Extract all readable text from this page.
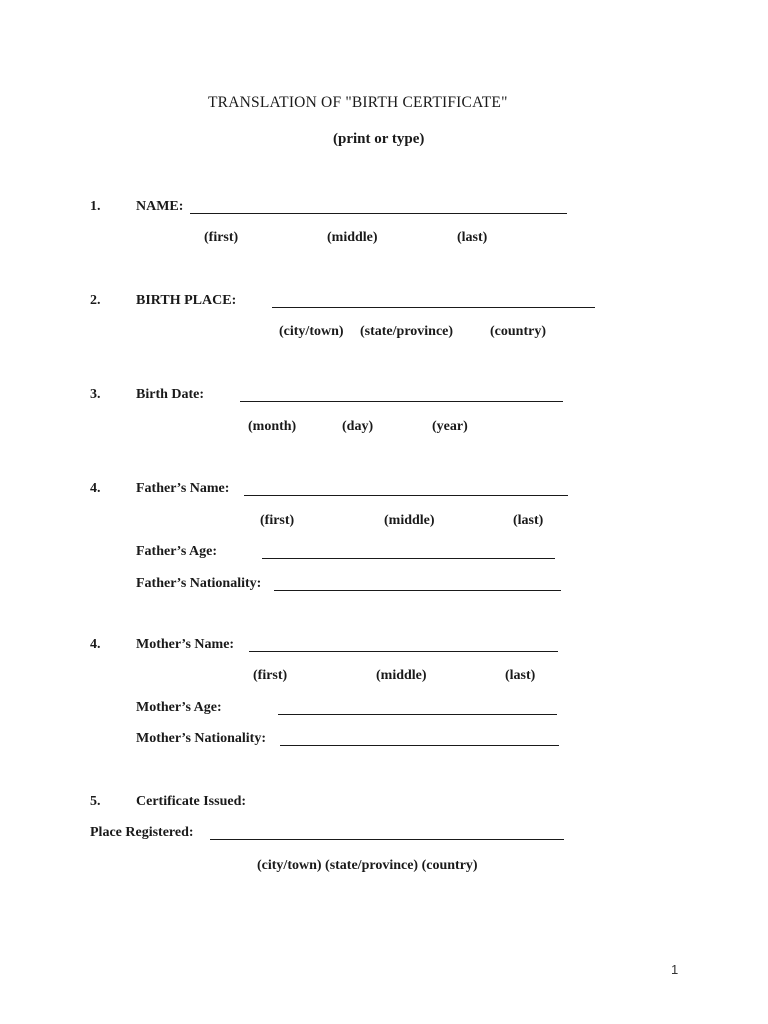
TRANSLATION OF "BIRTH CERTIFICATE"
(print or type)
1.	NAME:
(first)	(middle)	(last)
2.	BIRTH PLACE:
(city/town) (state/province)	(country)
3.	Birth Date:
(month)	(day)	(year)
4.	Father’s Name:
(first)	(middle)	(last)
Father’s Age:
Father’s Nationality:
4.	Mother’s Name:
(first)	(middle)	(last)
Mother’s Age:
Mother’s Nationality:
5.	Certificate Issued:
Place Registered:
(city/town) (state/province) (country)
1
